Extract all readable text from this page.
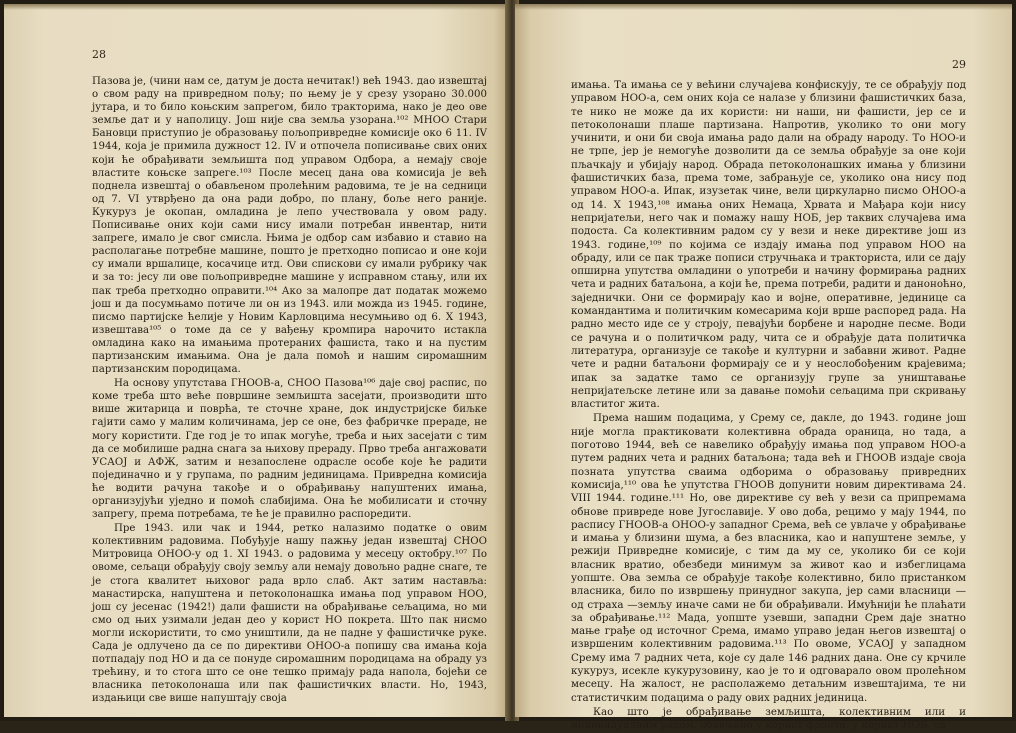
28

Пазова је, (чини нам се, датум је доста нечитак!) већ 1943. дао извештај о свом раду на привредном пољу; по њему је у срезу узорано 30.000 јутара, и то било коњским запрегом, било тракторима, нако је део ове земље дат и у наполицу. Још није сва земља узорана.¹⁰² МНОО Стари Бановци приступио је образовању пољопривредне комисије око 6 11. IV 1944, која је примила дужност 12. IV и отпочела пописивање свих оних који ће обрађивати земљишта под управом Одбора, а немају своје властите коњске запреге.¹⁰³ После месец дана ова комисија је већ поднела извештај о обављеном пролећним радовима, те је на седници од 7. VI утврђено да она ради добро, по плану, боље него раније. Кукуруз је окопан, омладина је лепо учествовала у овом раду. Пописивање оних који сами нису имали потребан инвентар, нити запреге, имало је свог смисла. Њима је одбор сам избавио и ставио на располагање потребне машине, пошто је претходно пописао и оне који су имали вршалице, косачице итд. Ови спискови су имали рубрику чак и за то: јесу ли ове пољопривредне машине у исправном стању, или их пак треба претходно оправити.¹⁰⁴ Ако за малопре дат податак можемо још и да посумњамо потиче ли он из 1943. или можда из 1945. године, писмо партијске ћелије у Новим Карловцима несумњиво од 6. X 1943, извештава¹⁰⁵ о томе да се у вађењу кромпира нарочито истакла омладина како на имањима протераних фашиста, тако и на пустим партизанским имањима. Она је дала помоћ и нашим сиромашним партизанским породицама.

На основу упутстава ГНООВ-а, СНОО Пазова¹⁰⁶ даје свој распис, по коме треба што веће површине земљишта засејати, производити што више житарица и поврћа, те сточне хране, док индустријске биљке гајити само у малим количинама, јер се оне, без фабричке прераде, не могу користити. Где год је то ипак могуће, треба и њих засејати с тим да се мобилише радна снага за њихову прераду. Прво треба ангажовати УСАОЈ и АФЖ, затим и незапослене одрасле особе које ће радити појединачно и у групама, по радним јединицама. Привредна комисија ће водити рачуна такође и о обрађивању напуштених имања, организујући уједно и помоћ слабијима. Она ће мобилисати и сточну запрегу, према потребама, те ће је правилно распоредити.

Пре 1943. или чак и 1944, ретко налазимо податке о овим колективним радовима. Побуђује нашу пажњу један извештај СНОО Митровица ОНОО-у од 1. XI 1943. о радовима у месецу октобру.¹⁰⁷ По овоме, сељаци обрађују своју земљу али немају довољно радне снаге, те је стога квалитет њиховог рада врло слаб. Акт затим наставља: манастирска, напуштена и петоколонашка имања под управом НОО, још су јесенас (1942!) дали фашисти на обрађивање сељацима, но ми смо од њих узимали један део у корист НО покрета. Што пак нисмо могли искористити, то смо уништили, да не падне у фашистичке руке. Сада је одлучено да се по директиви ОНОО-а попишу сва имања која потпадају под НО и да се понуде сиромашним породицама на обраду уз трећину, и то стога што се оне тешко примају рада напола, бојећи се власника петоколонаша или пак фашистичких власти. Но, 1943, издањици све више напуштају своја

29

имања. Та имања се у већини случајева конфискују, те се обрађују под управом НОО-а, сем оних која се налазе у близини фашистичких база, те нико не може да их користи: ни наши, ни фашисти, јер се и петоколонаши плаше партизана. Напротив, уколико то они могу учинити, и они би своја имања радо дали на обраду народу. То НОО-и не трпе, јер је немогуће дозволити да се земља обрађује за оне који пљачкају и убијају народ. Обрада петоколонашких имања у близини фашистичких база, према томе, забрањује се, уколико она нису под управом НОО-а. Ипак, изузетак чине, вели циркуларно писмо ОНОО-а од 14. X 1943,¹⁰⁸ имања оних Немаца, Хрвата и Мађара који нису непријатељи, него чак и помажу нашу НОБ, јер таквих случајева има подоста. Са колективним радом су у вези и неке директиве још из 1943. године,¹⁰⁹ по којима се издају имања под управом НОО на обраду, или се пак траже пописи стручњака и тракториста, или се дају опширна упутства омладини о употреби и начину формирања радних чета и радних батаљона, а који ће, према потреби, радити и даноноћно, заједнички. Они се формирају као и војне, оперативне, јединице са командантима и политичким комесарима који врше распоред рада. На радно место иде се у строју, певајући борбене и народне песме. Води се рачуна и о политичком раду, чита се и обрађује дата политичка литература, организује се такође и културни и забавни живот. Радне чете и радни батаљони формирају се и у неослобођеним крајевима; ипак за задатке тамо се организују групе за уништавање непријатељске летине или за давање помоћи сељацима при скривању властитог жита.

Према нашим подацима, у Срему се, дакле, до 1943. године још није могла практиковати колективна обрада ораница, но тада, а поготово 1944, већ се навелико обрађују имања под управом НОО-а путем радних чета и радних батаљона; тада већ и ГНООВ издаје своја позната упутства сваима одборима о образовању привредних комисија,¹¹⁰ ова ће упутства ГНООВ допунити новим директивама 24. VIII 1944. године.¹¹¹ Но, ове директиве су већ у вези са припремама обнове привреде нове Југославије. У ово доба, рецимо у мају 1944, по распису ГНООВ-а ОНОО-у западног Срема, већ се увлаче у обрађивање и имања у близини шума, а без власника, као и напуштене земље, у режији Привредне комисије, с тим да му се, уколико би се који власник вратио, обезбеди минимум за живот као и избеглицама уопште. Ова земља се обрађује такође колективно, било пристанком власника, било по извршењу принудног закупа, јер сами власници — од страха —земљу иначе сами не би обрађивали. Имућнији ће плаћати за обрађивање.¹¹² Мада, уопште узевши, западни Срем даје знатно мање грађе од источног Срема, имамо управо један његов извештај о извршеним колективним радовима.¹¹³ По овоме, УСАОЈ у западном Срему има 7 радних чета, које су дале 146 радних дана. Оне су крчиле кукуруз, исекле кукурузовину, као је то и одговарало овом пролећном месецу. На жалост, не располажемо детаљним извештајима, те ни статистичким подацима о раду ових радних јединица.

Као што је обрађивање земљишта, колективним или и индивидуалним радом, обављано у корист фронта, у корист НОБ, са
